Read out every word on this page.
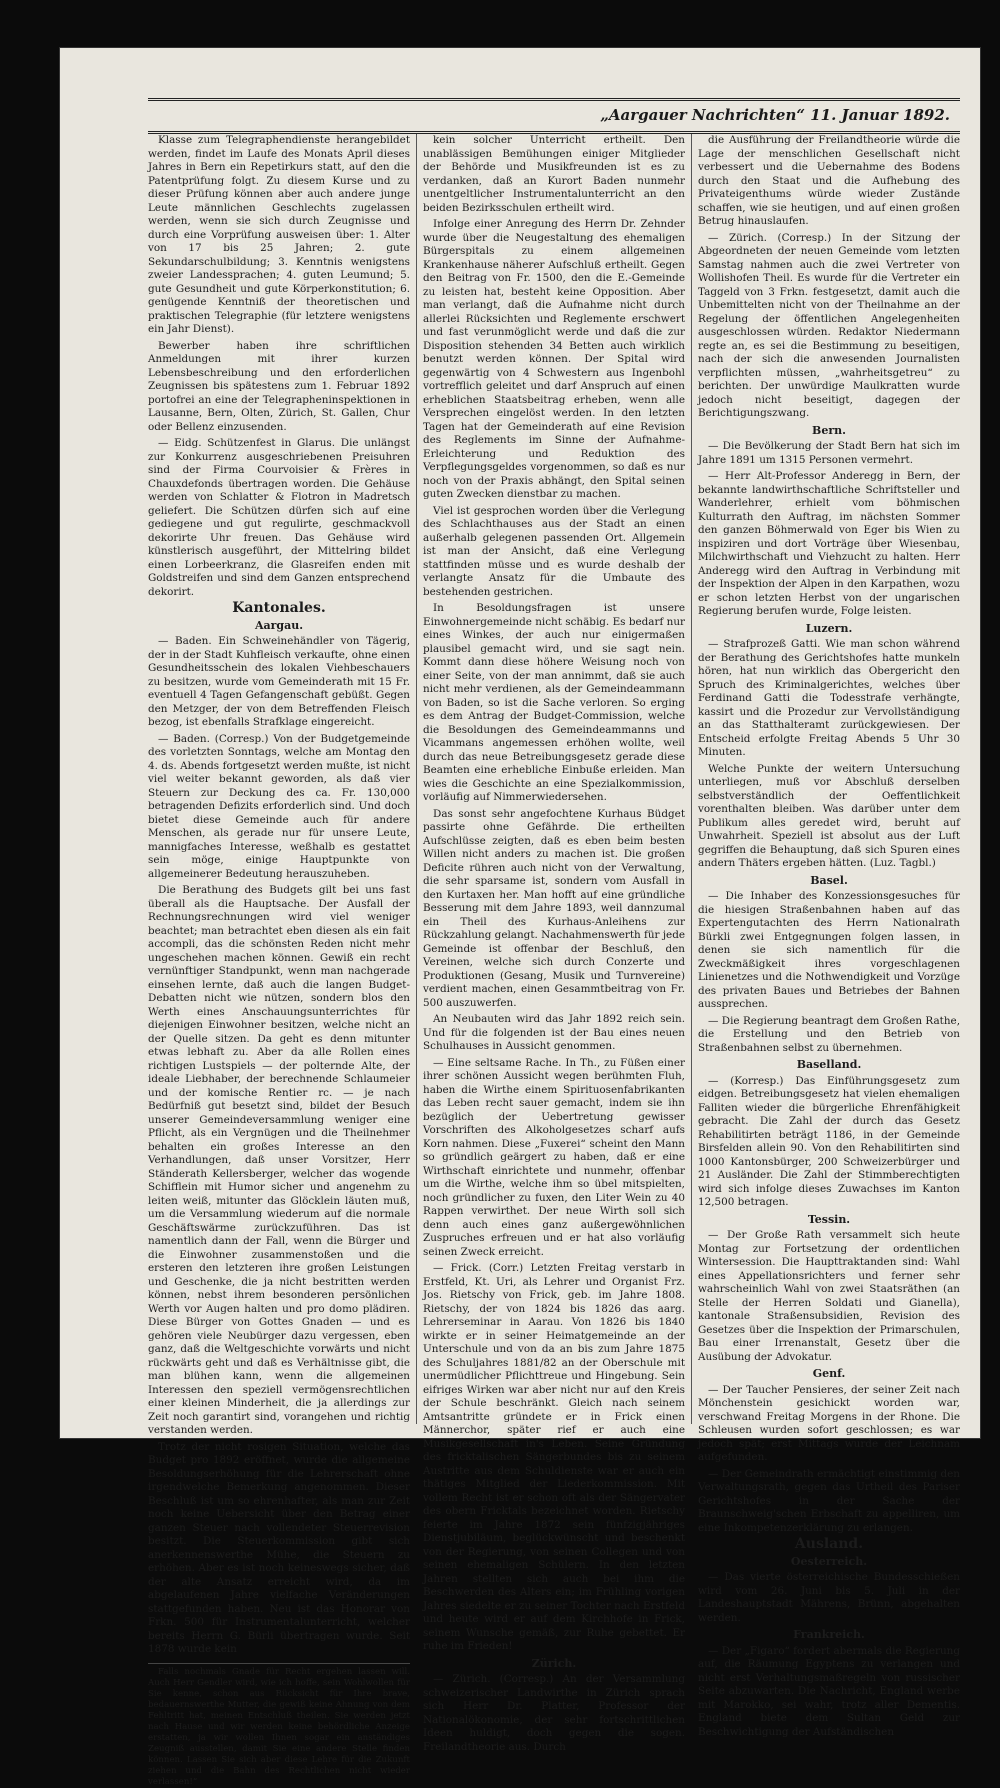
„Aargauer Nachrichten“ 11. Januar 1892.

Klasse zum Telegraphendienste herangebildet werden, findet im Laufe des Monats April dieses Jahres in Bern ein Repetirkurs statt, auf den die Patentprüfung folgt. Zu diesem Kurse und zu dieser Prüfung können aber auch andere junge Leute männlichen Geschlechts zugelassen werden, wenn sie sich durch Zeugnisse und durch eine Vorprüfung ausweisen über: 1. Alter von 17 bis 25 Jahren; 2. gute Sekundarschulbildung; 3. Kenntnis wenigstens zweier Landessprachen; 4. guten Leumund; 5. gute Gesundheit und gute Körperkonstitution; 6. genügende Kenntniß der theoretischen und praktischen Telegraphie (für letztere wenigstens ein Jahr Dienst).

Bewerber haben ihre schriftlichen Anmeldungen mit ihrer kurzen Lebensbeschreibung und den erforderlichen Zeugnissen bis spätestens zum 1. Februar 1892 portofrei an eine der Telegrapheninspektionen in Lausanne, Bern, Olten, Zürich, St. Gallen, Chur oder Bellenz einzusenden.

— Eidg. Schützenfest in Glarus. Die unlängst zur Konkurrenz ausgeschriebenen Preisuhren sind der Firma Courvoisier & Frères in Chauxdefonds übertragen worden. Die Gehäuse werden von Schlatter & Flotron in Madretsch geliefert. Die Schützen dürfen sich auf eine gediegene und gut regulirte, geschmackvoll dekorirte Uhr freuen. Das Gehäuse wird künstlerisch ausgeführt, der Mittelring bildet einen Lorbeerkranz, die Glasreifen enden mit Goldstreifen und sind dem Ganzen entsprechend dekorirt.

Kantonales.

Aargau.

— Baden. Ein Schweinehändler von Tägerig, der in der Stadt Kuhfleisch verkaufte, ohne einen Gesundheitsschein des lokalen Viehbeschauers zu besitzen, wurde vom Gemeinderath mit 15 Fr. eventuell 4 Tagen Gefangenschaft gebüßt. Gegen den Metzger, der von dem Betreffenden Fleisch bezog, ist ebenfalls Strafklage eingereicht.

— Baden. (Corresp.) Von der Budgetgemeinde des vorletzten Sonntags, welche am Montag den 4. ds. Abends fortgesetzt werden mußte, ist nicht viel weiter bekannt geworden, als daß vier Steuern zur Deckung des ca. Fr. 130,000 betragenden Defizits erforderlich sind. Und doch bietet diese Gemeinde auch für andere Menschen, als gerade nur für unsere Leute, mannigfaches Interesse, weßhalb es gestattet sein möge, einige Hauptpunkte von allgemeinerer Bedeutung herauszuheben.

Die Berathung des Budgets gilt bei uns fast überall als die Hauptsache. Der Ausfall der Rechnungsrechnungen wird viel weniger beachtet; man betrachtet eben diesen als ein fait accompli, das die schönsten Reden nicht mehr ungeschehen machen können. Gewiß ein recht vernünftiger Standpunkt, wenn man nachgerade einsehen lernte, daß auch die langen Budget-Debatten nicht wie nützen, sondern blos den Werth eines Anschauungsunterrichtes für diejenigen Einwohner besitzen, welche nicht an der Quelle sitzen. Da geht es denn mitunter etwas lebhaft zu. Aber da alle Rollen eines richtigen Lustspiels — der polternde Alte, der ideale Liebhaber, der berechnende Schlaumeier und der komische Rentier rc. — je nach Bedürfniß gut besetzt sind, bildet der Besuch unserer Gemeindeversammlung weniger eine Pflicht, als ein Vergnügen und die Theilnehmer behalten ein großes Interesse an den Verhandlungen, daß unser Vorsitzer, Herr Ständerath Kellersberger, welcher das wogende Schifflein mit Humor sicher und angenehm zu leiten weiß, mitunter das Glöcklein läuten muß, um die Versammlung wiederum auf die normale Geschäftswärme zurückzuführen. Das ist namentlich dann der Fall, wenn die Bürger und die Einwohner zusammenstoßen und die ersteren den letzteren ihre großen Leistungen und Geschenke, die ja nicht bestritten werden können, nebst ihrem besonderen persönlichen Werth vor Augen halten und pro domo plädiren. Diese Bürger von Gottes Gnaden — und es gehören viele Neubürger dazu vergessen, eben ganz, daß die Weltgeschichte vorwärts und nicht rückwärts geht und daß es Verhältnisse gibt, die man blühen kann, wenn die allgemeinen Interessen den speziell vermögensrechtlichen einer kleinen Minderheit, die ja allerdings zur Zeit noch garantirt sind, vorangehen und richtig verstanden werden.

Trotz der nicht rosigen Situation, welche das Budget pro 1892 eröffnet, wurde die allgemeine Besoldungserhöhung für die Lehrerschaft ohne irgendwelche Bemerkung angenommen. Dieser Beschluß ist um so ehrenhafter, als man zur Zeit noch keine Uebersicht über den Betrag einer ganzen Steuer nach vollendeter Steuerrevision besitzt. Die Steuerkommission gibt sich anerkennenswerthe Mühe, die Steuern zu erhöhen. Aber es ist noch keineswegs sicher, daß der alte Ansatz erreicht wird, da im abgelaufenen Jahre vielfache Veränderungen stattgefunden haben. Neu ist das Honorar von Frkn. 500 für Instrumentalunterricht, welcher bereits Herrn G. Bürli übertragen wurde. Seit 1878 wurde kein

Falls nochmals Gnade für Recht ergehen lassen will. Auch Herr Gendler wird, wie ich hoffe, sein Wohlwollen für Sie kenne, schon aus Rücksicht für Ihre brave, bedauernswerthe Mutter, die gewiß keine Ahnung von dem Fehltritt hat, meinen Entschluß theilen. Sie werden jetzt nach Hause und wir werden keine behördliche Anzeige erstatten, ja wir wollen Ihnen sogar ein anständiges Zeugniß ausstellen, damit Sie eine andere Stelle finden können. Lassen Sie sich aber diese Lehre für die Zukunft ziehen und die Bahn des Rechtlichen nicht wieder verlassen!“

kein solcher Unterricht ertheilt. Den unablässigen Bemühungen einiger Mitglieder der Behörde und Musikfreunden ist es zu verdanken, daß an Kurort Baden nunmehr unentgeltlicher Instrumentalunterricht an den beiden Bezirksschulen ertheilt wird.

Infolge einer Anregung des Herrn Dr. Zehnder wurde über die Neugestaltung des ehemaligen Bürgerspitals zu einem allgemeinen Krankenhause näherer Aufschluß ertheilt. Gegen den Beitrag von Fr. 1500, den die E.-Gemeinde zu leisten hat, besteht keine Opposition. Aber man verlangt, daß die Aufnahme nicht durch allerlei Rücksichten und Reglemente erschwert und fast verunmöglicht werde und daß die zur Disposition stehenden 34 Betten auch wirklich benutzt werden können. Der Spital wird gegenwärtig von 4 Schwestern aus Ingenbohl vortrefflich geleitet und darf Anspruch auf einen erheblichen Staatsbeitrag erheben, wenn alle Versprechen eingelöst werden. In den letzten Tagen hat der Gemeinderath auf eine Revision des Reglements im Sinne der Aufnahme-Erleichterung und Reduktion des Verpflegungsgeldes vorgenommen, so daß es nur noch von der Praxis abhängt, den Spital seinen guten Zwecken dienstbar zu machen.

Viel ist gesprochen worden über die Verlegung des Schlachthauses aus der Stadt an einen außerhalb gelegenen passenden Ort. Allgemein ist man der Ansicht, daß eine Verlegung stattfinden müsse und es wurde deshalb der verlangte Ansatz für die Umbaute des bestehenden gestrichen.

In Besoldungsfragen ist unsere Einwohnergemeinde nicht schäbig. Es bedarf nur eines Winkes, der auch nur einigermaßen plausibel gemacht wird, und sie sagt nein. Kommt dann diese höhere Weisung noch von einer Seite, von der man annimmt, daß sie auch nicht mehr verdienen, als der Gemeindeammann von Baden, so ist die Sache verloren. So erging es dem Antrag der Budget-Commission, welche die Besoldungen des Gemeindeammanns und Vicammans angemessen erhöhen wollte, weil durch das neue Betreibungsgesetz gerade diese Beamten eine erhebliche Einbuße erleiden. Man wies die Geschichte an eine Spezialkommission, vorläufig auf Nimmerwiedersehen.

Das sonst sehr angefochtene Kurhaus Büdget passirte ohne Gefährde. Die ertheilten Aufschlüsse zeigten, daß es eben beim besten Willen nicht anders zu machen ist. Die großen Deficite rühren auch nicht von der Verwaltung, die sehr sparsame ist, sondern vom Ausfall in den Kurtaxen her. Man hofft auf eine gründliche Besserung mit dem Jahre 1893, weil dannzumal ein Theil des Kurhaus-Anleihens zur Rückzahlung gelangt. Nachahmenswerth für jede Gemeinde ist offenbar der Beschluß, den Vereinen, welche sich durch Conzerte und Produktionen (Gesang, Musik und Turnvereine) verdient machen, einen Gesammtbeitrag von Fr. 500 auszuwerfen.

An Neubauten wird das Jahr 1892 reich sein. Und für die folgenden ist der Bau eines neuen Schulhauses in Aussicht genommen.

— Eine seltsame Rache. In Th., zu Füßen einer ihrer schönen Aussicht wegen berühmten Fluh, haben die Wirthe einem Spirituosenfabrikanten das Leben recht sauer gemacht, indem sie ihn bezüglich der Uebertretung gewisser Vorschriften des Alkoholgesetzes scharf aufs Korn nahmen. Diese „Fuxerei“ scheint den Mann so gründlich geärgert zu haben, daß er eine Wirthschaft einrichtete und nunmehr, offenbar um die Wirthe, welche ihm so übel mitspielten, noch gründlicher zu fuxen, den Liter Wein zu 40 Rappen verwirthet. Der neue Wirth soll sich denn auch eines ganz außergewöhnlichen Zuspruches erfreuen und er hat also vorläufig seinen Zweck erreicht.

— Frick. (Corr.) Letzten Freitag verstarb in Erstfeld, Kt. Uri, als Lehrer und Organist Frz. Jos. Rietschy von Frick, geb. im Jahre 1808. Rietschy, der von 1824 bis 1826 das aarg. Lehrerseminar in Aarau. Von 1826 bis 1840 wirkte er in seiner Heimatgemeinde an der Unterschule und von da an bis zum Jahre 1875 des Schuljahres 1881/82 an der Oberschule mit unermüdlicher Pflichttreue und Hingebung. Sein eifriges Wirken war aber nicht nur auf den Kreis der Schule beschränkt. Gleich nach seinem Amtsantritte gründete er in Frick einen Männerchor, später rief er auch eine Musikgesellschaft in's Leben. Seine Gründung des fricktalischen Sängerbundes bis zu seinem Austritte aus dem Schuldienste war er auch ein thätiges Mitglied der Liederkommission. Mit vollem Recht ist er schon oft als der Sängervater des obern Fricktals bezeichnet worden. Rietschy feierte im Jahre 1872 sein fünfzigjähriges Dienstjubiläum, beglückwünscht und beschenkt von der Regierung, von seinen Collegen und von seinen ehemaligen Schülern. In den letzten Jahren stellten sich auch bei ihm die Beschwerden des Alters ein; im Frühling vorigen Jahres siedelte er zu seiner Tochter nach Erstfeld und heute wird er auf dem Kirchhofe in Frick, seinem Wunsche gemäß, zur Ruhe gebettet. Er ruhe im Frieden!

Zürich.

— Zürich. (Corresp.) An der Versammlung schweizerischer Landwirthe in Zürich sprach sich Herr Dr. Platter, Professor der Nationalökonomie, der sehr fortschrittlichen Ideen huldigt, doch gegen die sogen. Freilandtheorie aus. Durch

die Ausführung der Freilandtheorie würde die Lage der menschlichen Gesellschaft nicht verbessert und die Uebernahme des Bodens durch den Staat und die Aufhebung des Privateigenthums würde wieder Zustände schaffen, wie sie heutigen, und auf einen großen Betrug hinauslaufen.

— Zürich. (Corresp.) In der Sitzung der Abgeordneten der neuen Gemeinde vom letzten Samstag nahmen auch die zwei Vertreter von Wollishofen Theil. Es wurde für die Vertreter ein Taggeld von 3 Frkn. festgesetzt, damit auch die Unbemittelten nicht von der Theilnahme an der Regelung der öffentlichen Angelegenheiten ausgeschlossen würden. Redaktor Niedermann regte an, es sei die Bestimmung zu beseitigen, nach der sich die anwesenden Journalisten verpflichten müssen, „wahrheitsgetreu“ zu berichten. Der unwürdige Maulkratten wurde jedoch nicht beseitigt, dagegen der Berichtigungszwang.

Bern.

— Die Bevölkerung der Stadt Bern hat sich im Jahre 1891 um 1315 Personen vermehrt.

— Herr Alt-Professor Anderegg in Bern, der bekannte landwirthschaftliche Schriftsteller und Wanderlehrer, erhielt vom böhmischen Kulturrath den Auftrag, im nächsten Sommer den ganzen Böhmerwald von Eger bis Wien zu inspiziren und dort Vorträge über Wiesenbau, Milchwirthschaft und Viehzucht zu halten. Herr Anderegg wird den Auftrag in Verbindung mit der Inspektion der Alpen in den Karpathen, wozu er schon letzten Herbst von der ungarischen Regierung berufen wurde, Folge leisten.

Luzern.

— Strafprozeß Gatti. Wie man schon während der Berathung des Gerichtshofes hatte munkeln hören, hat nun wirklich das Obergericht den Spruch des Kriminalgerichtes, welches über Ferdinand Gatti die Todesstrafe verhängte, kassirt und die Prozedur zur Vervollständigung an das Statthalteramt zurückgewiesen. Der Entscheid erfolgte Freitag Abends 5 Uhr 30 Minuten.

Welche Punkte der weitern Untersuchung unterliegen, muß vor Abschluß derselben selbstverständlich der Oeffentlichkeit vorenthalten bleiben. Was darüber unter dem Publikum alles geredet wird, beruht auf Unwahrheit. Speziell ist absolut aus der Luft gegriffen die Behauptung, daß sich Spuren eines andern Thäters ergeben hätten. (Luz. Tagbl.)

Basel.

— Die Inhaber des Konzessionsgesuches für die hiesigen Straßenbahnen haben auf das Expertengutachten des Herrn Nationalrath Bürkli zwei Entgegnungen folgen lassen, in denen sie sich namentlich für die Zweckmäßigkeit ihres vorgeschlagenen Linienetzes und die Nothwendigkeit und Vorzüge des privaten Baues und Betriebes der Bahnen aussprechen.

— Die Regierung beantragt dem Großen Rathe, die Erstellung und den Betrieb von Straßenbahnen selbst zu übernehmen.

Baselland.

— (Korresp.) Das Einführungsgesetz zum eidgen. Betreibungsgesetz hat vielen ehemaligen Falliten wieder die bürgerliche Ehrenfähigkeit gebracht. Die Zahl der durch das Gesetz Rehabilitirten beträgt 1186, in der Gemeinde Birsfelden allein 90. Von den Rehabilitirten sind 1000 Kantonsbürger, 200 Schweizerbürger und 21 Ausländer. Die Zahl der Stimmberechtigten wird sich infolge dieses Zuwachses im Kanton 12,500 betragen.

Tessin.

— Der Große Rath versammelt sich heute Montag zur Fortsetzung der ordentlichen Wintersession. Die Haupttraktanden sind: Wahl eines Appellationsrichters und ferner sehr wahrscheinlich Wahl von zwei Staatsräthen (an Stelle der Herren Soldati und Gianella), kantonale Straßensubsidien, Revision des Gesetzes über die Inspektion der Primarschulen, Bau einer Irrenanstalt, Gesetz über die Ausübung der Advokatur.

Genf.

— Der Taucher Pensieres, der seiner Zeit nach Mönchenstein gesichickt worden war, verschwand Freitag Morgens in der Rhone. Die Schleusen wurden sofort geschlossen; es war jedoch spät; erst Mittags wurde der Leichnam aufgefunden.

— Der Gemeindrath ermächtigt einstimmig den Verwaltungsrath, gegen das Urtheil des Pariser Gerichtshofes in der Sache der Braunschweig'schen Erbschaft zu appelliren, um eine Inkompetenzerklärung zu erlangen.

Ausland.

Oesterreich.

— Das vierte österreichische Bundesschießen wird vom 26. Juni bis 5. Juli in der Landeshauptstadt Mährens, Brünn, abgehalten werden.

Frankreich.

— Der „Figaro“ fordert abermals die Regierung auf, die Räumung Egyptens zu verlangen und nicht erst Verhaltungsmaßregeln von russischer Seite abzuwarten. Die Nachricht, England werbe mit Marokko, sei wahr, trotz aller Dementis. England biete dem Sultan Geld zur Beschwichtigung der Aufständischen
